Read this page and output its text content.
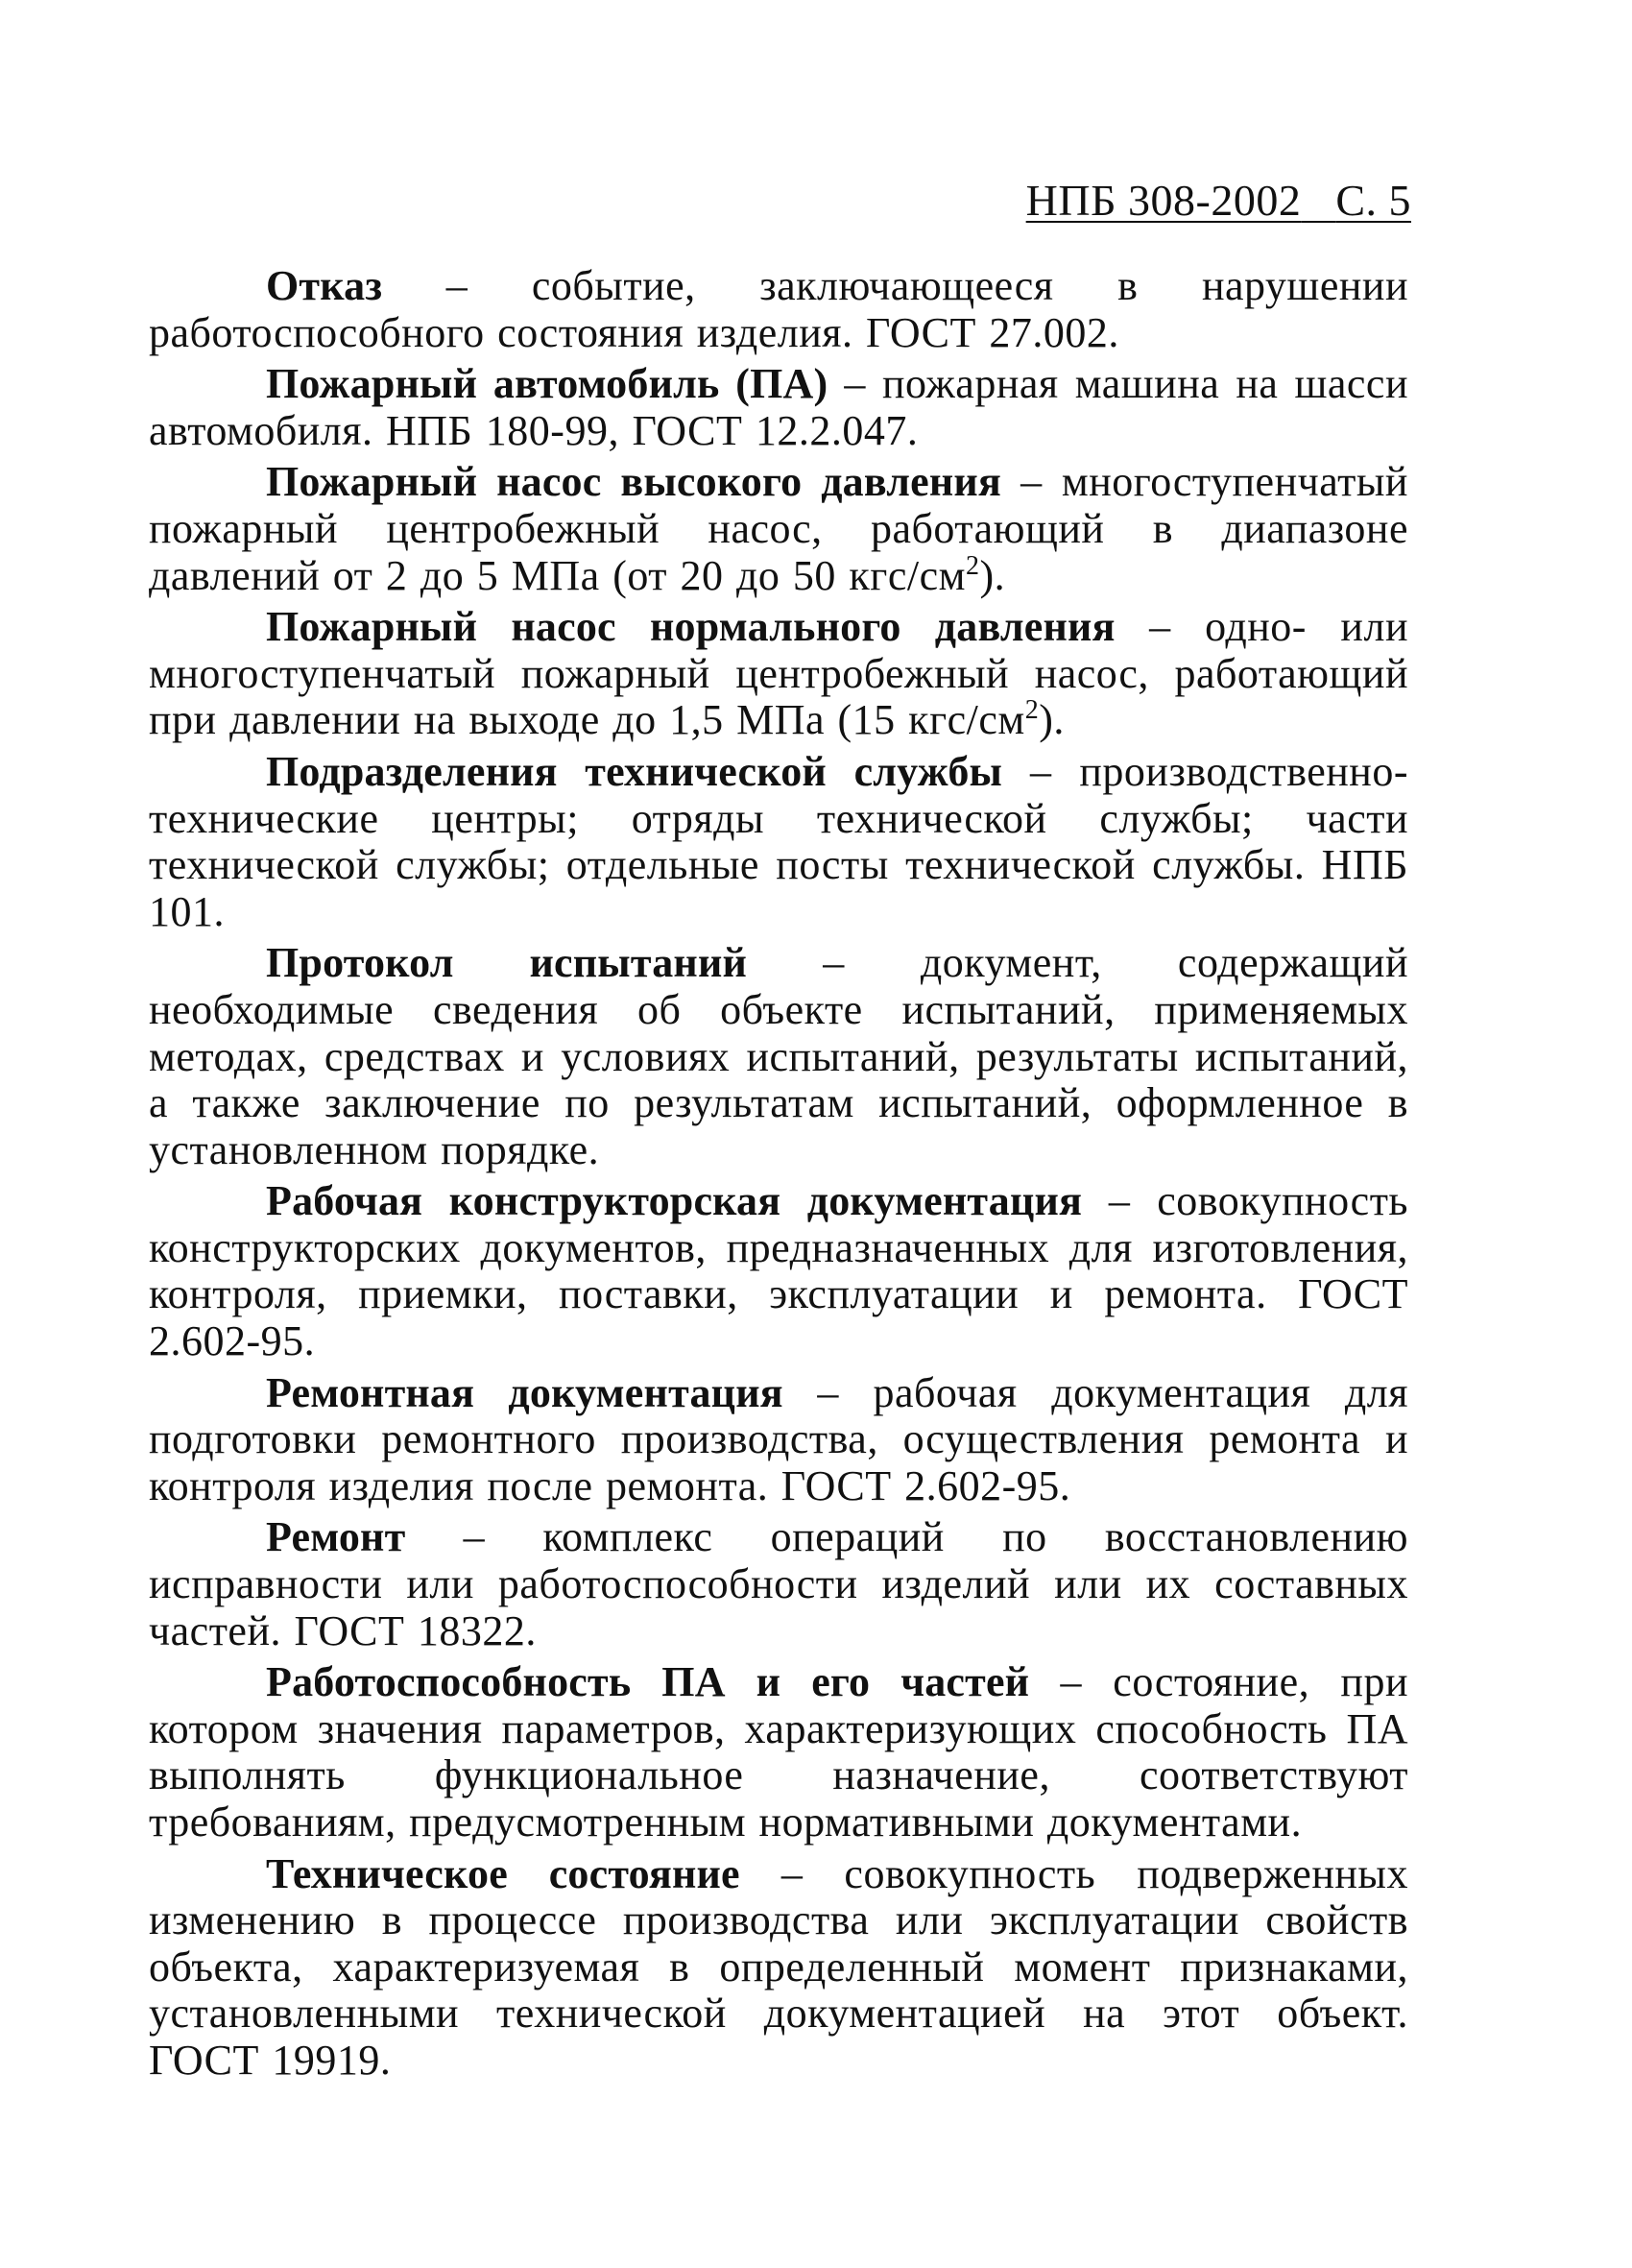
НПБ 308-2002 С. 5

Отказ – событие, заключающееся в нарушении работоспособного состояния изделия. ГОСТ 27.002.

Пожарный автомобиль (ПА) – пожарная машина на шасси автомобиля. НПБ 180-99, ГОСТ 12.2.047.

Пожарный насос высокого давления – многоступенчатый пожарный центробежный насос, работающий в диапазоне давлений от 2 до 5 МПа (от 20 до 50 кгс/$см^2$).

Пожарный насос нормального давления – одно- или многоступенчатый пожарный центробежный насос, работающий при давлении на выходе до 1,5 МПа (15 кгс/$см^2$).

Подразделения технической службы – производственно-технические центры; отряды технической службы; части технической службы; отдельные посты технической службы. НПБ 101.

Протокол испытаний – документ, содержащий необходимые сведения об объекте испытаний, применяемых методах, средствах и условиях испытаний, результаты испытаний, а также заключение по результатам испытаний, оформленное в установленном порядке.

Рабочая конструкторская документация – совокупность конструкторских документов, предназначенных для изготовления, контроля, приемки, поставки, эксплуатации и ремонта. ГОСТ 2.602-95.

Ремонтная документация – рабочая документация для подготовки ремонтного производства, осуществления ремонта и контроля изделия после ремонта. ГОСТ 2.602-95.

Ремонт – комплекс операций по восстановлению исправности или работоспособности изделий или их составных частей. ГОСТ 18322.

Работоспособность ПА и его частей – состояние, при котором значения параметров, характеризующих способность ПА выполнять функциональное назначение, соответствуют требованиям, предусмотренным нормативными документами.

Техническое состояние – совокупность подверженных изменению в процессе производства или эксплуатации свойств объекта, характеризуемая в определенный момент признаками, установленными технической документацией на этот объект. ГОСТ 19919.
